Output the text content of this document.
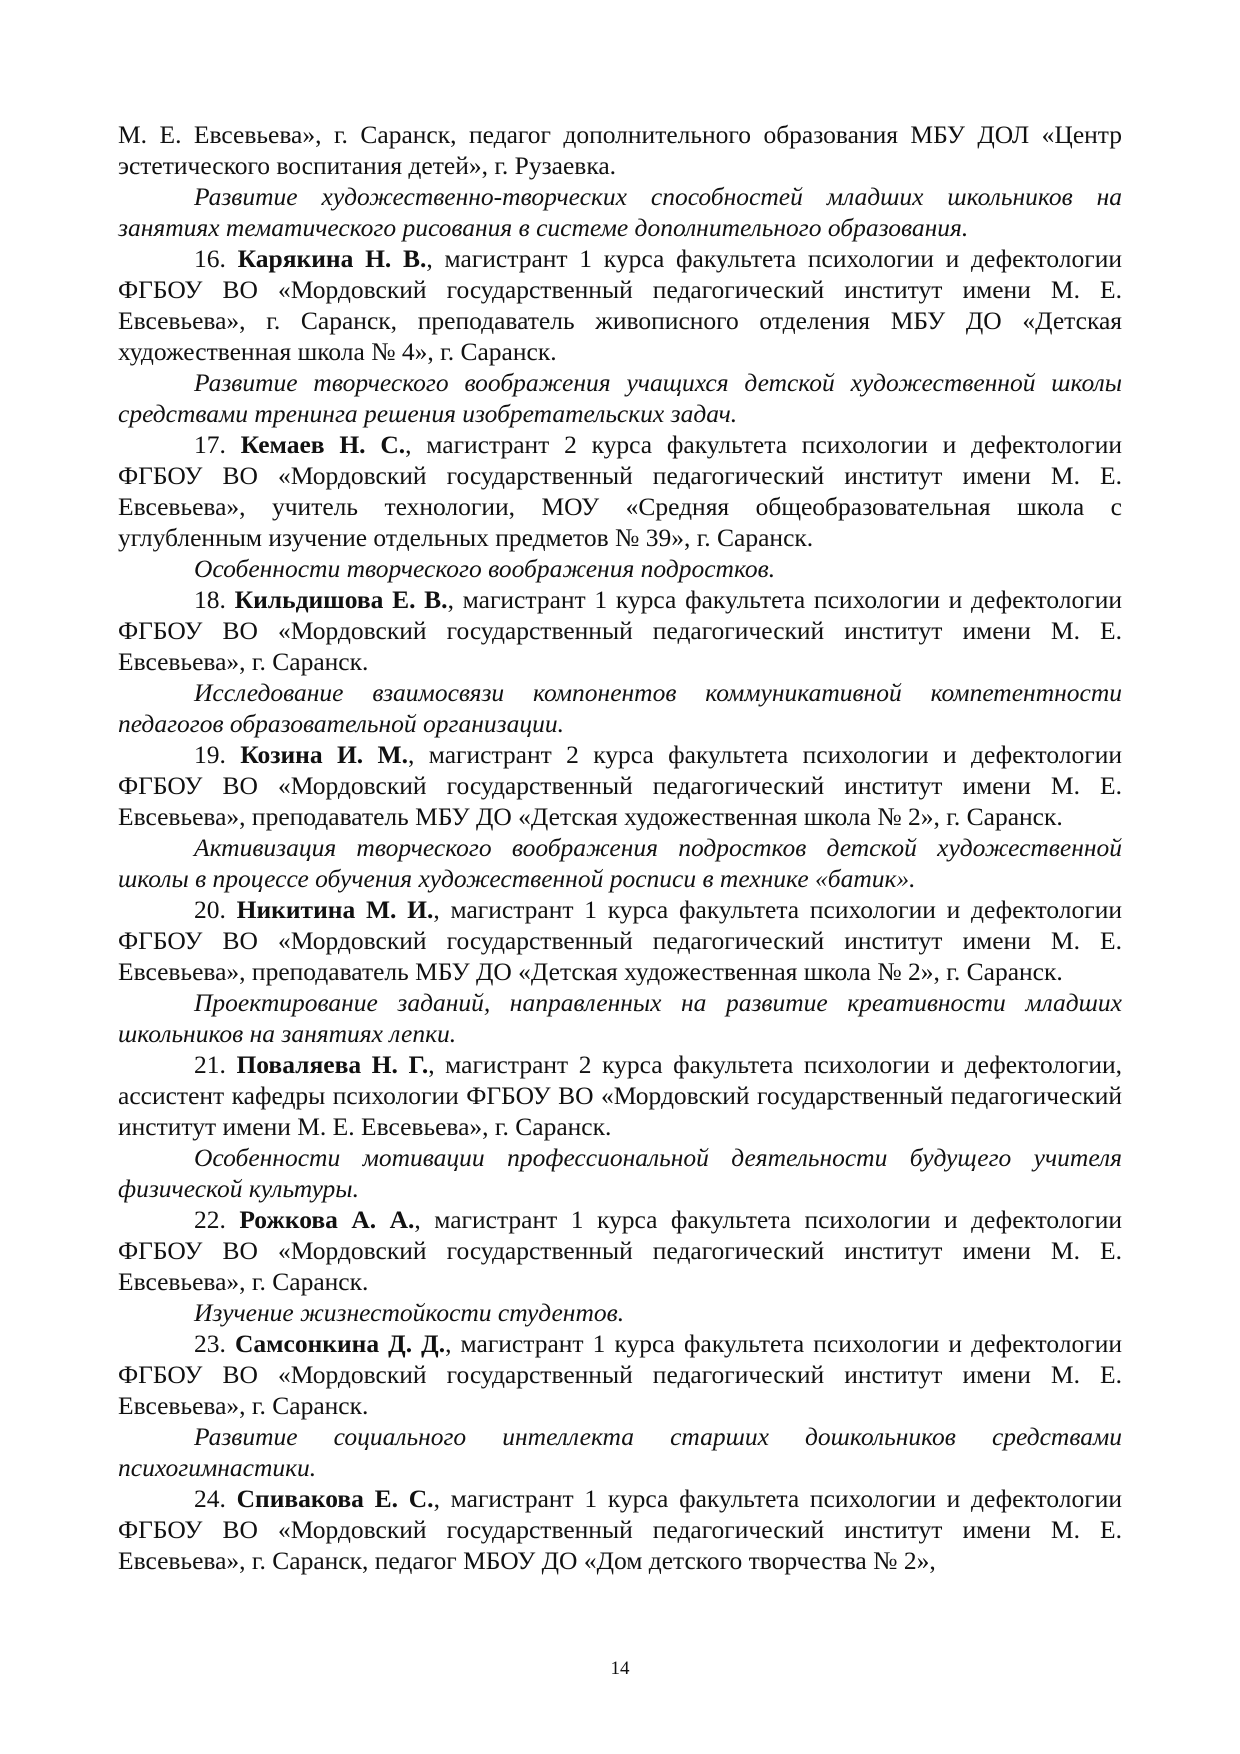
М. Е. Евсевьева», г. Саранск, педагог дополнительного образования МБУ ДОЛ «Центр эстетического воспитания детей», г. Рузаевка.

Развитие художественно-творческих способностей младших школьников на занятиях тематического рисования в системе дополнительного образования.

16. Карякина Н. В., магистрант 1 курса факультета психологии и дефектологии ФГБОУ ВО «Мордовский государственный педагогический институт имени М. Е. Евсевьева», г. Саранск, преподаватель живописного отделения МБУ ДО «Детская художественная школа № 4», г. Саранск.

Развитие творческого воображения учащихся детской художественной школы средствами тренинга решения изобретательских задач.

17. Кемаев Н. С., магистрант 2 курса факультета психологии и дефектологии ФГБОУ ВО «Мордовский государственный педагогический институт имени М. Е. Евсевьева», учитель технологии, МОУ «Средняя общеобразовательная школа с углубленным изучение отдельных предметов № 39», г. Саранск.

Особенности творческого воображения подростков.

18. Кильдишова Е. В., магистрант 1 курса факультета психологии и дефектологии ФГБОУ ВО «Мордовский государственный педагогический институт имени М. Е. Евсевьева», г. Саранск.

Исследование взаимосвязи компонентов коммуникативной компетентности педагогов образовательной организации.

19. Козина И. М., магистрант 2 курса факультета психологии и дефектологии ФГБОУ ВО «Мордовский государственный педагогический институт имени М. Е. Евсевьева», преподаватель МБУ ДО «Детская художественная школа № 2», г. Саранск.

Активизация творческого воображения подростков детской художественной школы в процессе обучения художественной росписи в технике «батик».

20. Никитина М. И., магистрант 1 курса факультета психологии и дефектологии ФГБОУ ВО «Мордовский государственный педагогический институт имени М. Е. Евсевьева», преподаватель МБУ ДО «Детская художественная школа № 2», г. Саранск.

Проектирование заданий, направленных на развитие креативности младших школьников на занятиях лепки.

21. Поваляева Н. Г., магистрант 2 курса факультета психологии и дефектологии, ассистент кафедры психологии ФГБОУ ВО «Мордовский государственный педагогический институт имени М. Е. Евсевьева», г. Саранск.

Особенности мотивации профессиональной деятельности будущего учителя физической культуры.

22. Рожкова А. А., магистрант 1 курса факультета психологии и дефектологии ФГБОУ ВО «Мордовский государственный педагогический институт имени М. Е. Евсевьева», г. Саранск.

Изучение жизнестойкости студентов.

23. Самсонкина Д. Д., магистрант 1 курса факультета психологии и дефектологии ФГБОУ ВО «Мордовский государственный педагогический институт имени М. Е. Евсевьева», г. Саранск.

Развитие социального интеллекта старших дошкольников средствами психогимнастики.

24. Спивакова Е. С., магистрант 1 курса факультета психологии и дефектологии ФГБОУ ВО «Мордовский государственный педагогический институт имени М. Е. Евсевьева», г. Саранск, педагог МБОУ ДО «Дом детского творчества № 2»,

14
